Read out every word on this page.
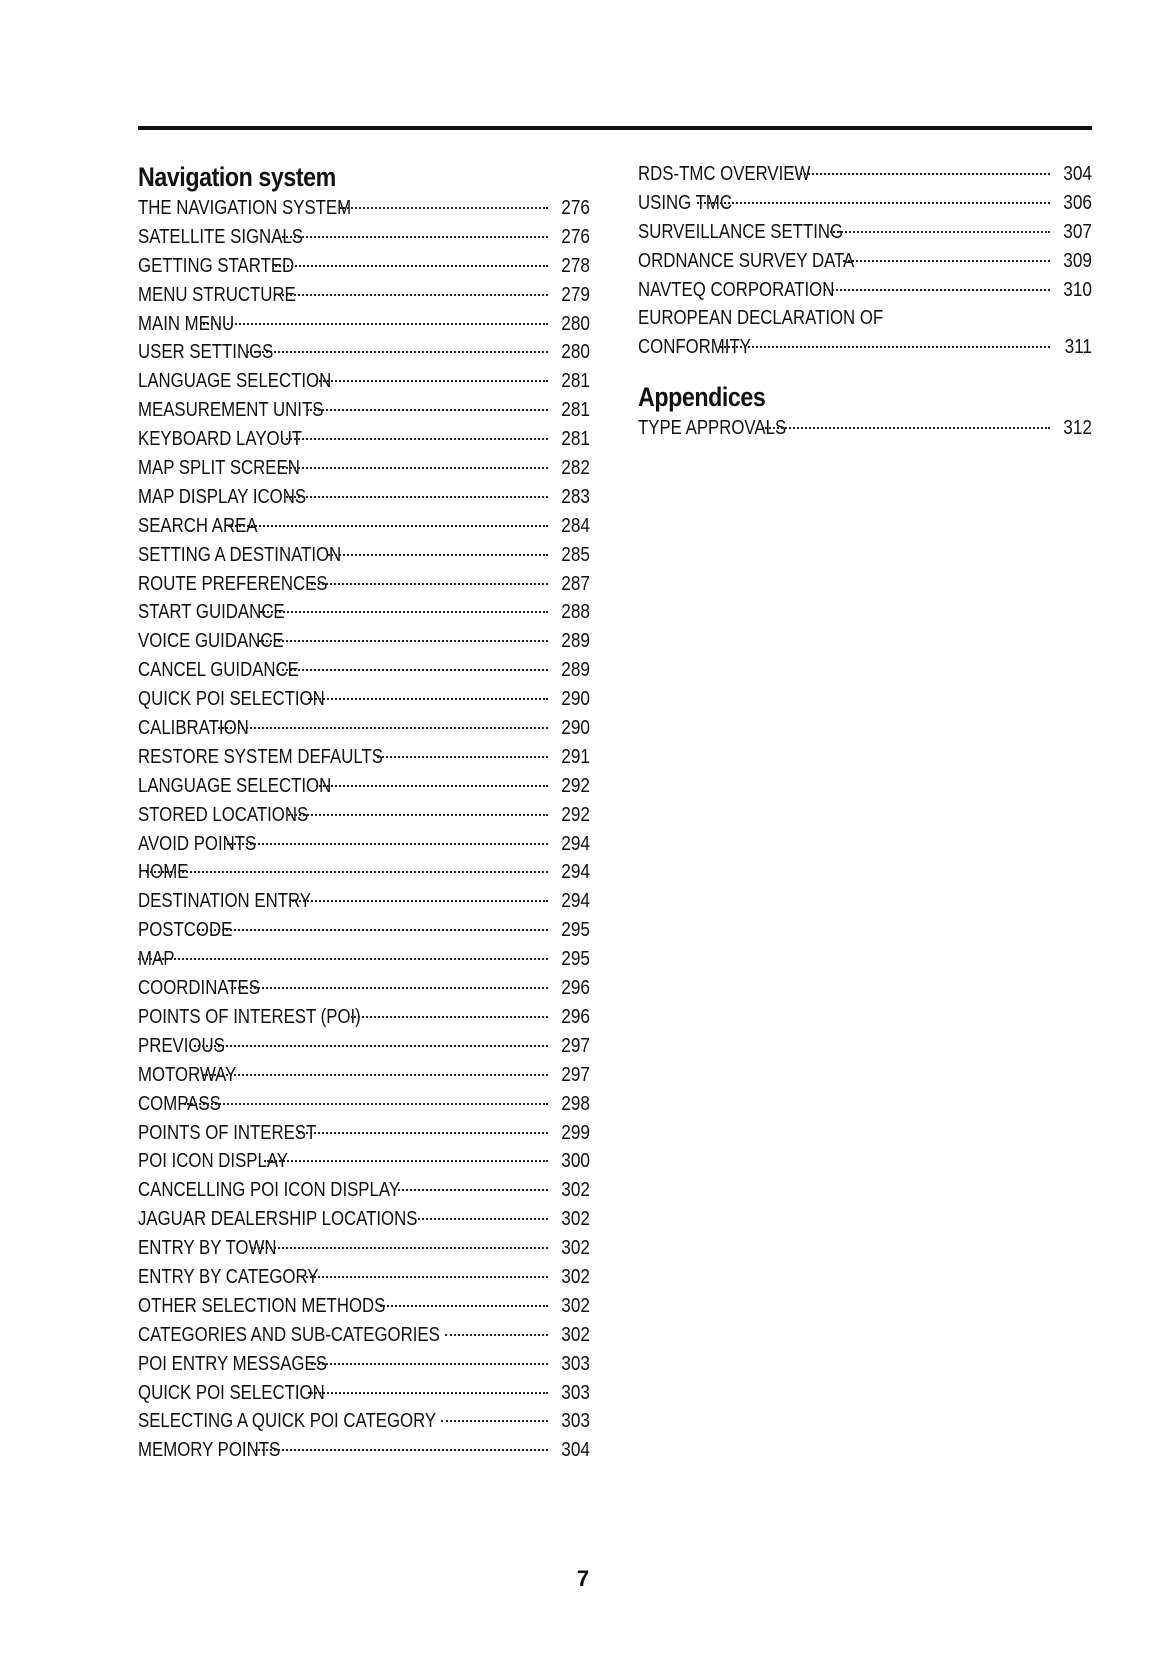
Navigation system
THE NAVIGATION SYSTEM	276
SATELLITE SIGNALS	276
GETTING STARTED	278
MENU STRUCTURE	279
MAIN MENU	280
USER SETTINGS	280
LANGUAGE SELECTION	281
MEASUREMENT UNITS	281
KEYBOARD LAYOUT	281
MAP SPLIT SCREEN	282
MAP DISPLAY ICONS	283
SEARCH AREA	284
SETTING A DESTINATION	285
ROUTE PREFERENCES	287
START GUIDANCE	288
VOICE GUIDANCE	289
CANCEL GUIDANCE	289
QUICK POI SELECTION	290
CALIBRATION	290
RESTORE SYSTEM DEFAULTS	291
LANGUAGE SELECTION	292
STORED LOCATIONS	292
AVOID POINTS	294
HOME	294
DESTINATION ENTRY	294
POSTCODE	295
MAP	295
COORDINATES	296
POINTS OF INTEREST (POI)	296
PREVIOUS	297
MOTORWAY	297
COMPASS	298
POINTS OF INTEREST	299
POI ICON DISPLAY	300
CANCELLING POI ICON DISPLAY	302
JAGUAR DEALERSHIP LOCATIONS	302
ENTRY BY TOWN	302
ENTRY BY CATEGORY	302
OTHER SELECTION METHODS	302
CATEGORIES AND SUB-CATEGORIES	302
POI ENTRY MESSAGES	303
QUICK POI SELECTION	303
SELECTING A QUICK POI CATEGORY	303
MEMORY POINTS	304
RDS-TMC OVERVIEW	304
USING TMC	306
SURVEILLANCE SETTING	307
ORDNANCE SURVEY DATA	309
NAVTEQ CORPORATION	310
EUROPEAN DECLARATION OF
CONFORMITY	311
Appendices
TYPE APPROVALS	312
7
